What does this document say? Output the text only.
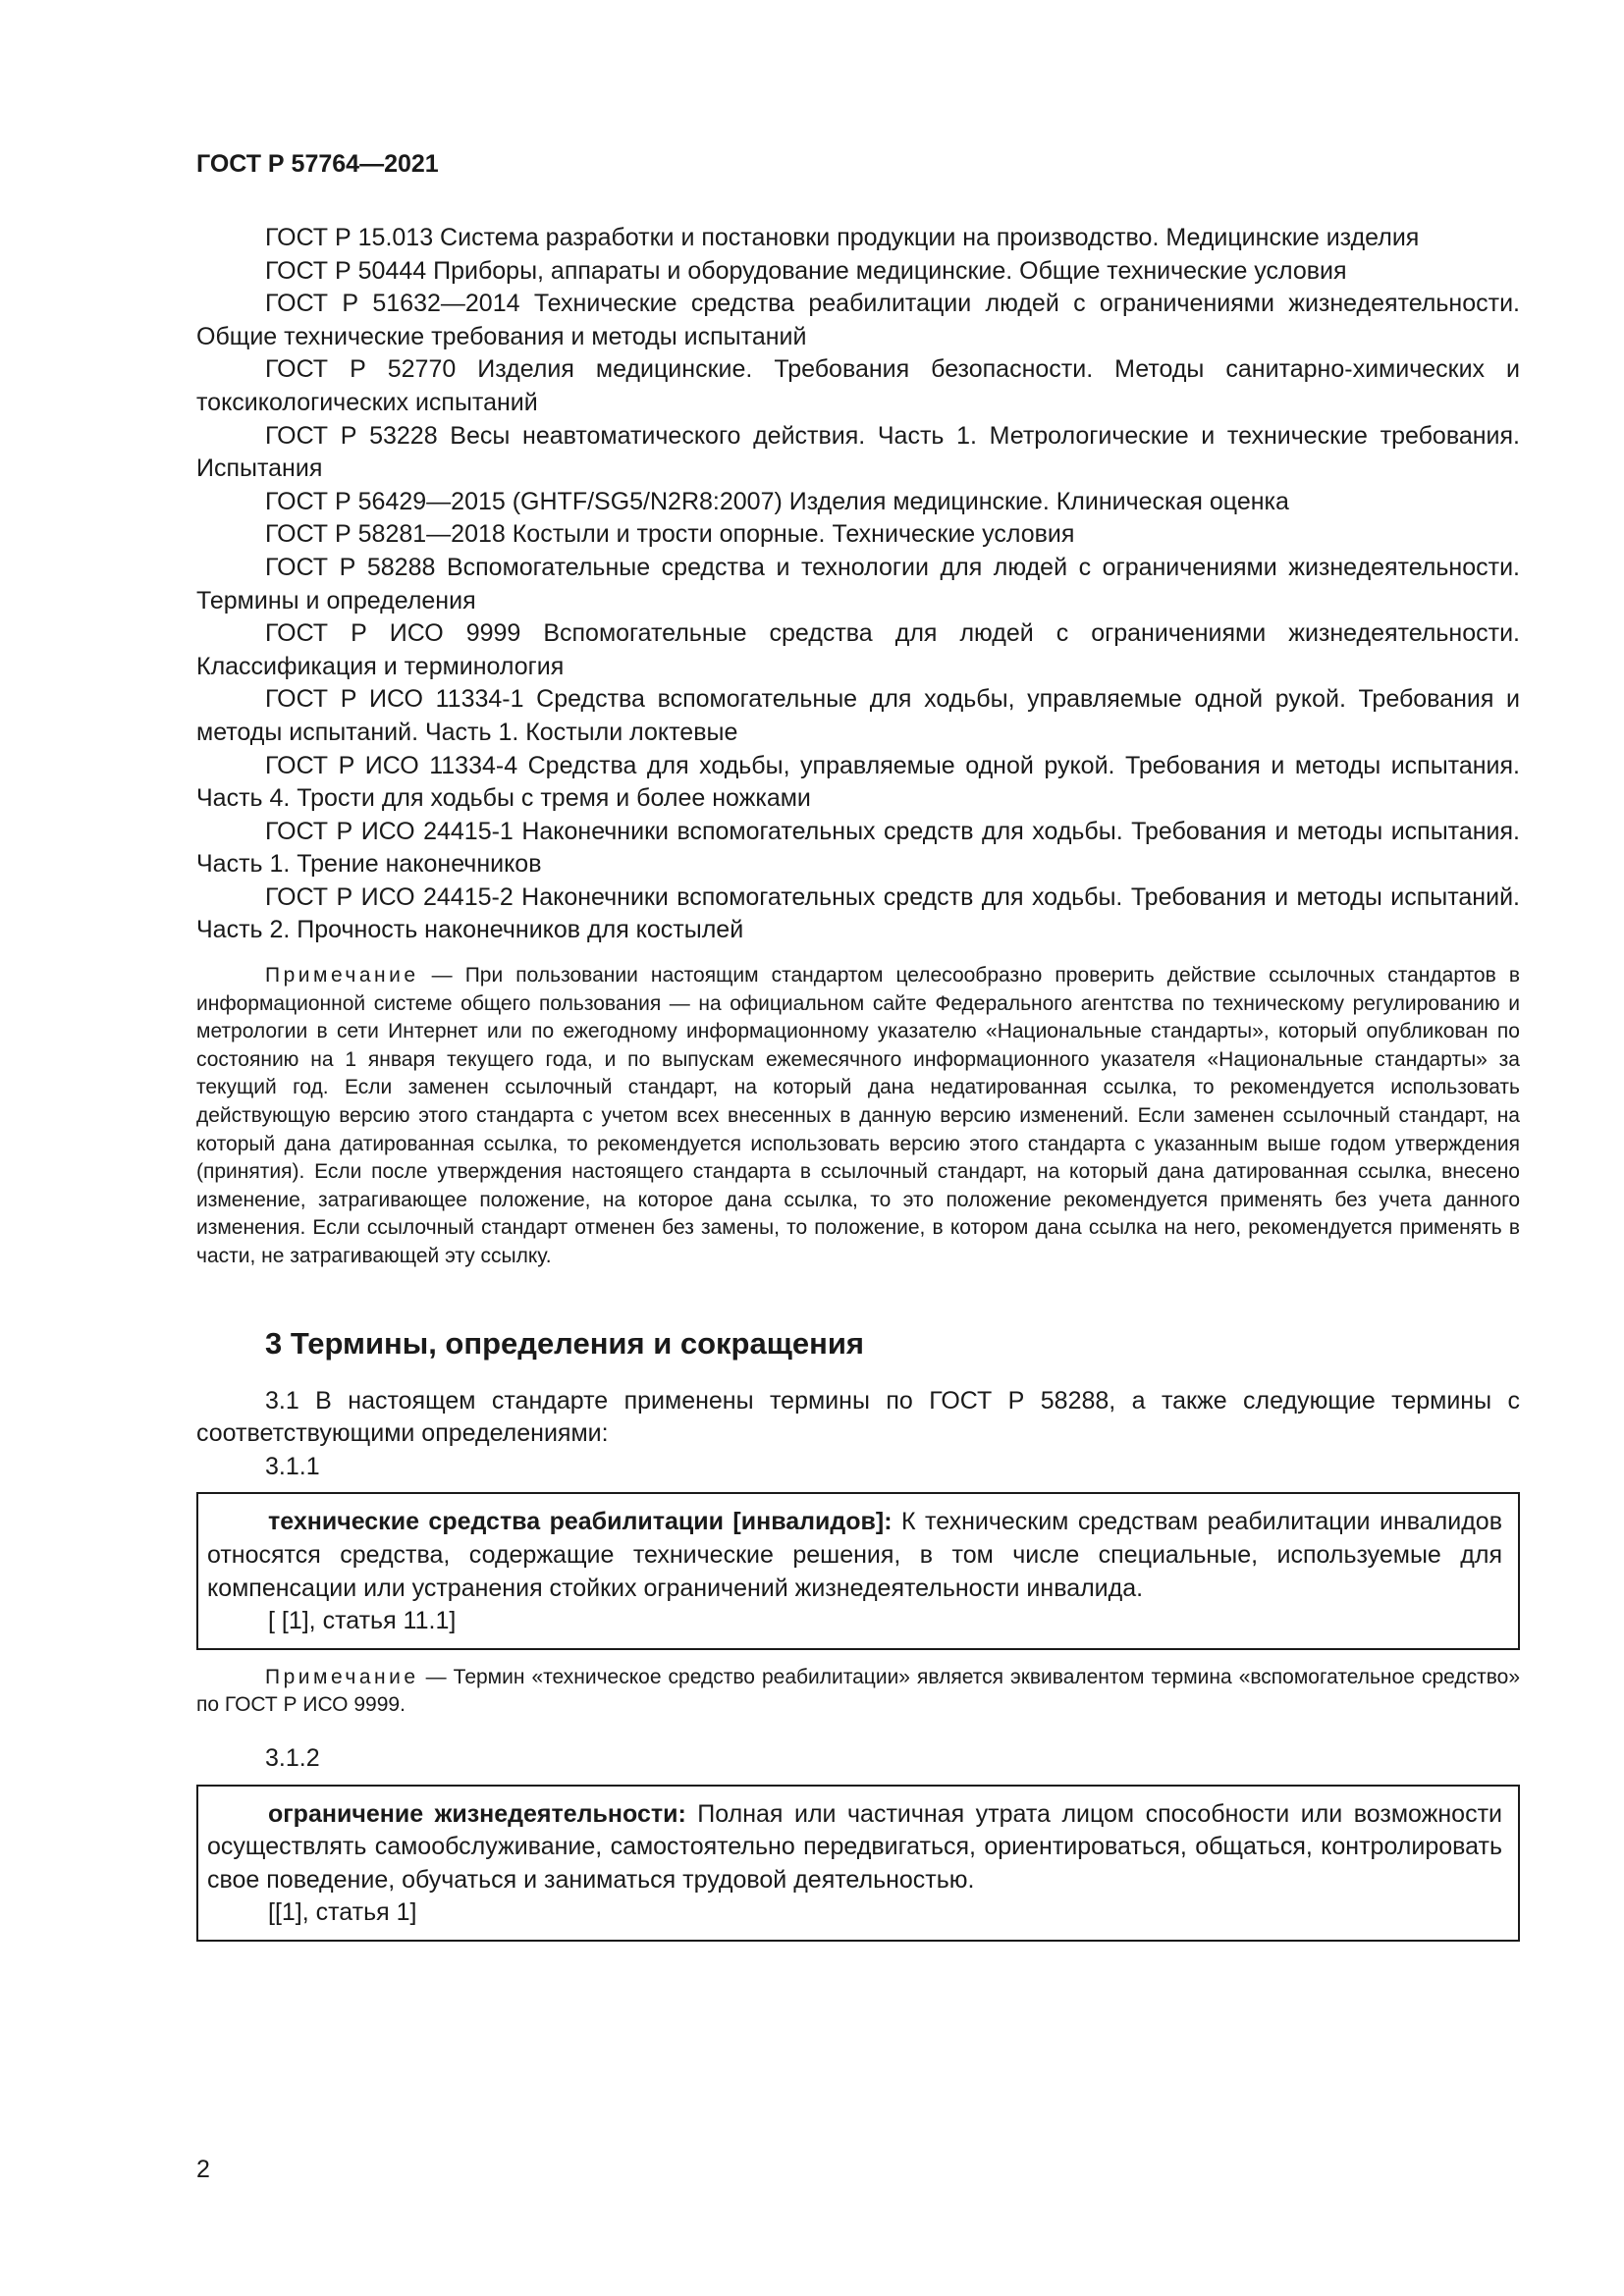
ГОСТ Р 57764—2021

ГОСТ Р 15.013 Система разработки и постановки продукции на производство. Медицинские изделия

ГОСТ Р 50444 Приборы, аппараты и оборудование медицинские. Общие технические условия

ГОСТ Р 51632—2014 Технические средства реабилитации людей с ограничениями жизнедеятельности. Общие технические требования и методы испытаний

ГОСТ Р 52770 Изделия медицинские. Требования безопасности. Методы санитарно-химических и токсикологических испытаний

ГОСТ Р 53228 Весы неавтоматического действия. Часть 1. Метрологические и технические требования. Испытания

ГОСТ Р 56429—2015 (GHTF/SG5/N2R8:2007) Изделия медицинские. Клиническая оценка

ГОСТ Р 58281—2018 Костыли и трости опорные. Технические условия

ГОСТ Р 58288 Вспомогательные средства и технологии для людей с ограничениями жизнедеятельности. Термины и определения

ГОСТ Р ИСО 9999 Вспомогательные средства для людей с ограничениями жизнедеятельности. Классификация и терминология

ГОСТ Р ИСО 11334-1 Средства вспомогательные для ходьбы, управляемые одной рукой. Требования и методы испытаний. Часть 1. Костыли локтевые

ГОСТ Р ИСО 11334-4 Средства для ходьбы, управляемые одной рукой. Требования и методы испытания. Часть 4. Трости для ходьбы с тремя и более ножками

ГОСТ Р ИСО 24415-1 Наконечники вспомогательных средств для ходьбы. Требования и методы испытания. Часть 1. Трение наконечников

ГОСТ Р ИСО 24415-2 Наконечники вспомогательных средств для ходьбы. Требования и методы испытаний. Часть 2. Прочность наконечников для костылей

Примечание — При пользовании настоящим стандартом целесообразно проверить действие ссылочных стандартов в информационной системе общего пользования — на официальном сайте Федерального агентства по техническому регулированию и метрологии в сети Интернет или по ежегодному информационному указателю «Национальные стандарты», который опубликован по состоянию на 1 января текущего года, и по выпускам ежемесячного информационного указателя «Национальные стандарты» за текущий год. Если заменен ссылочный стандарт, на который дана недатированная ссылка, то рекомендуется использовать действующую версию этого стандарта с учетом всех внесенных в данную версию изменений. Если заменен ссылочный стандарт, на который дана датированная ссылка, то рекомендуется использовать версию этого стандарта с указанным выше годом утверждения (принятия). Если после утверждения настоящего стандарта в ссылочный стандарт, на который дана датированная ссылка, внесено изменение, затрагивающее положение, на которое дана ссылка, то это положение рекомендуется применять без учета данного изменения. Если ссылочный стандарт отменен без замены, то положение, в котором дана ссылка на него, рекомендуется применять в части, не затрагивающей эту ссылку.

3 Термины, определения и сокращения

3.1 В настоящем стандарте применены термины по ГОСТ Р 58288, а также следующие термины с соответствующими определениями:

3.1.1

технические средства реабилитации [инвалидов]: К техническим средствам реабилитации инвалидов относятся средства, содержащие технические решения, в том числе специальные, используемые для компенсации или устранения стойких ограничений жизнедеятельности инвалида.

[ [1], статья 11.1]

Примечание — Термин «техническое средство реабилитации» является эквивалентом термина «вспомогательное средство» по ГОСТ Р ИСО 9999.

3.1.2

ограничение жизнедеятельности: Полная или частичная утрата лицом способности или возможности осуществлять самообслуживание, самостоятельно передвигаться, ориентироваться, общаться, контролировать свое поведение, обучаться и заниматься трудовой деятельностью.

[[1], статья 1]

2
